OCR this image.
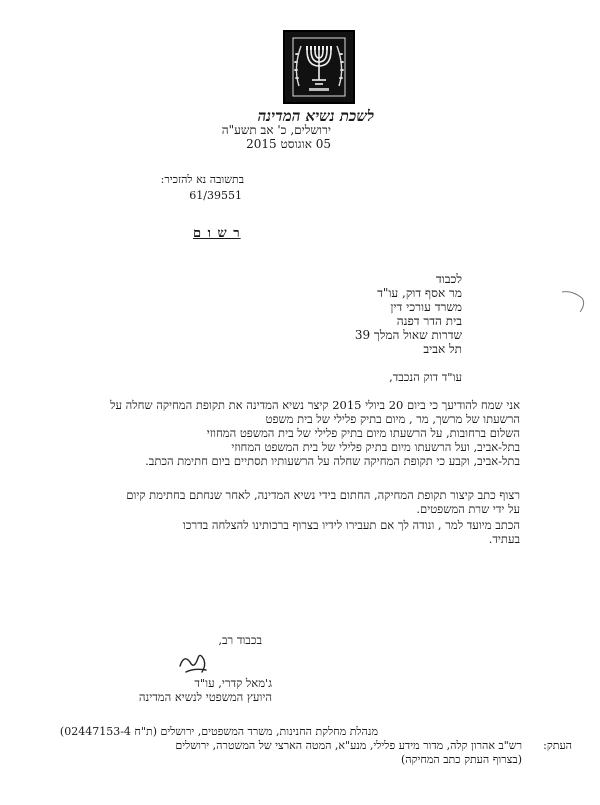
לשכת נשיא המדינה
ירושלים, כ' אב תשע"ה
05 אוגוסט 2015
בתשובה נא להזכיר:
61/39551
ר ש ו ם
לכבוד
מר אסף דוק, עו"ד
משרד עורכי דין
בית הדר דפנה
שדרות שאול המלך 39
תל אביב
עו"ד דוק הנכבד,
אני שמח להודיעך כי ביום 20 ביולי 2015 קיצר נשיא המדינה את תקופת המחיקה שחלה על
הרשעתו של מרשך, מר , מיום בתיק פלילי של בית משפט
השלום ברחובות, על הרשעתו מיום בתיק פלילי של בית המשפט המחוזי
בתל-אביב, ועל הרשעתו מיום בתיק פלילי של בית המשפט המחוזי
בתל-אביב, וקבע כי תקופת המחיקה שחלה על הרשעותיו תסתיים ביום חתימת הכתב.
רצוף כתב קיצור תקופת המחיקה, החתום בידי נשיא המדינה, לאחר שנחתם בחתימת קיום
על ידי שרת המשפטים.
הכתב מיועד למר , ונודה לך אם תעבירו לידיו בצרוף ברכותינו להצלחה בדרכו
בעתיד.
בכבוד רב,
ג'מאל קדרי, עו"ד
היועץ המשפטי לנשיא המדינה
העתק:
מנהלת מחלקת החנינות, משרד המשפטים, ירושלים (ת"ח 02447153-4)
רש"ב אהרון קלה, מדור מידע פלילי, מנע"א, המטה הארצי של המשטרה, ירושלים
(בצרוף העתק כתב המחיקה)
